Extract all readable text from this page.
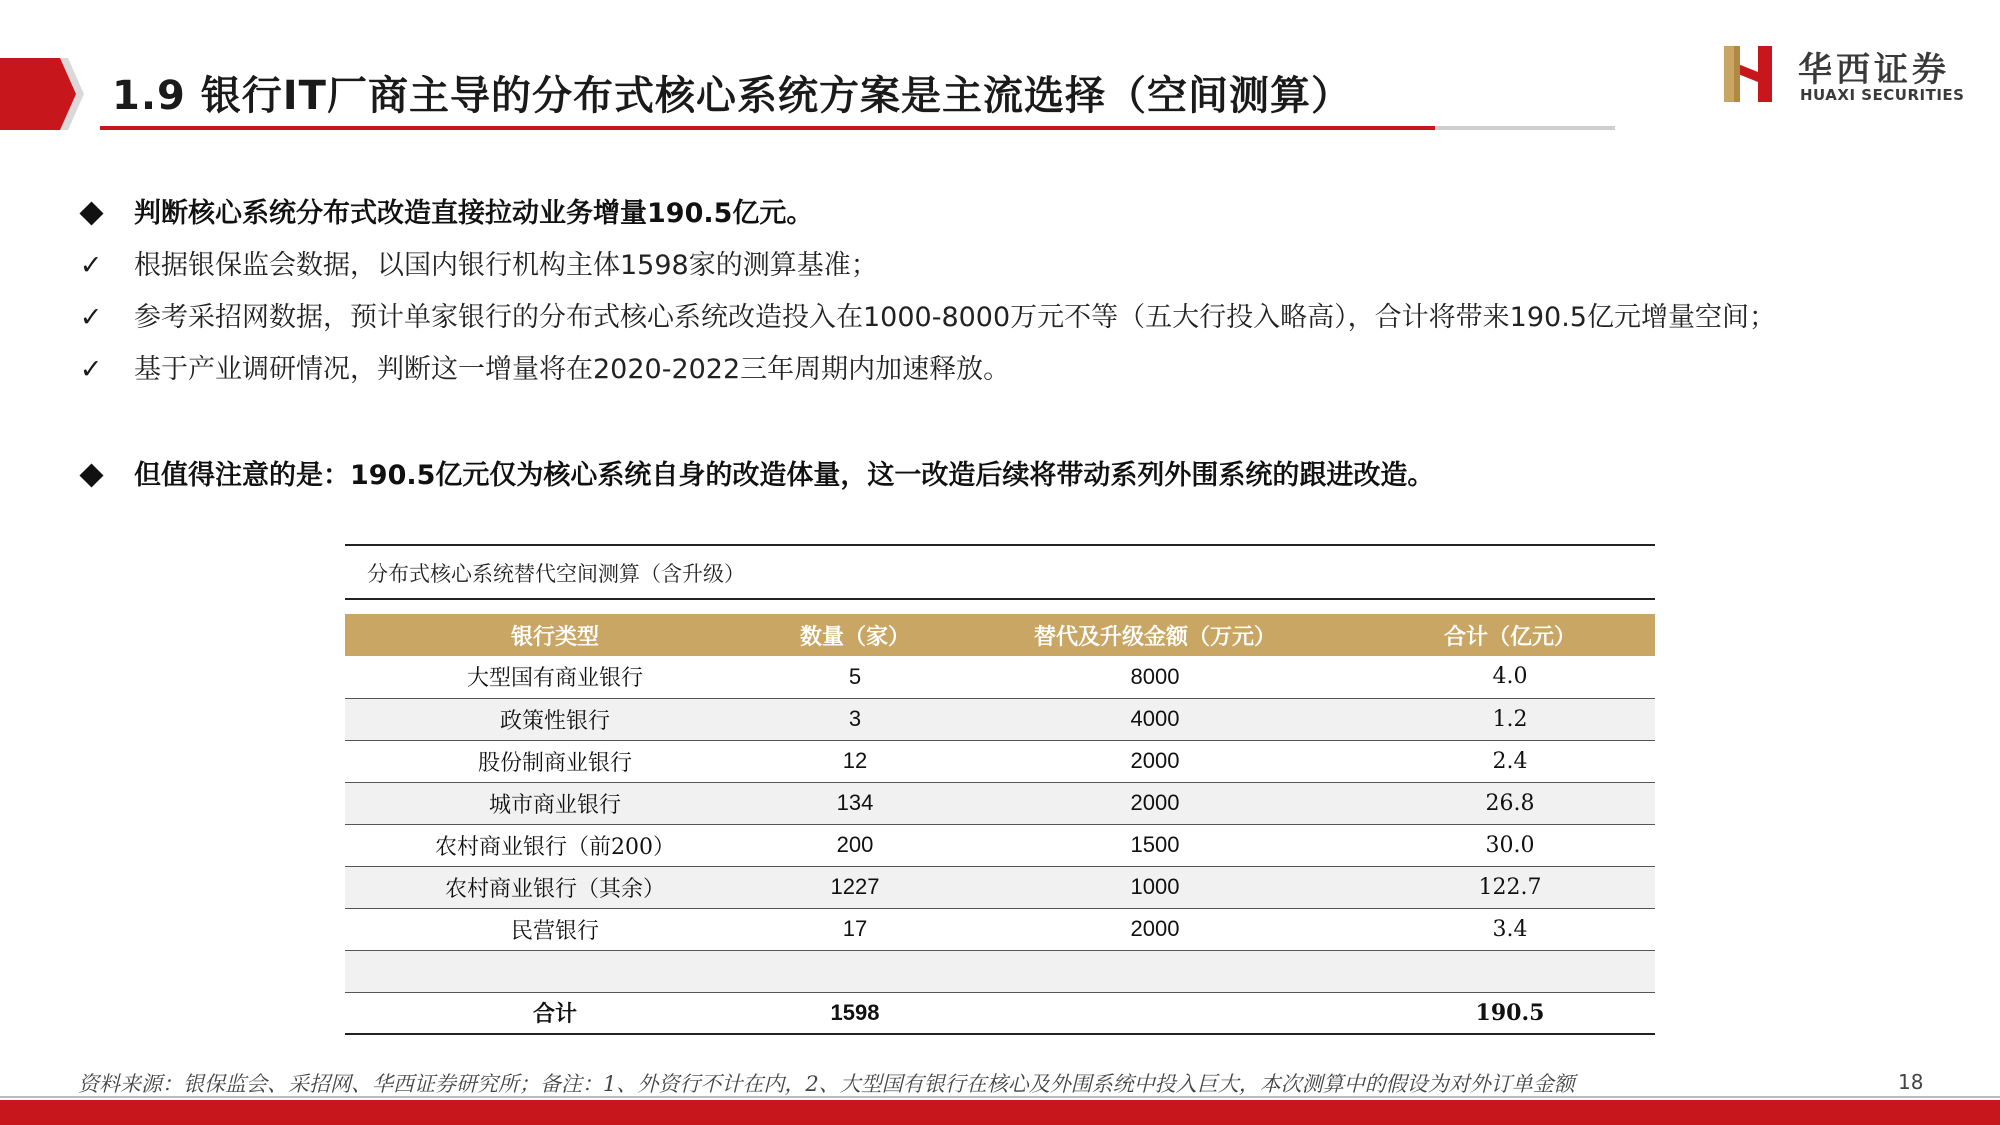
1.9 银行IT厂商主导的分布式核心系统方案是主流选择（空间测算）
华西证券
HUAXI SECURITIES
判断核心系统分布式改造直接拉动业务增量190.5亿元。
✓ 根据银保监会数据，以国内银行机构主体1598家的测算基准；
✓ 参考采招网数据，预计单家银行的分布式核心系统改造投入在1000-8000万元不等（五大行投入略高），合计将带来190.5亿元增量空间；
✓ 基于产业调研情况，判断这一增量将在2020-2022三年周期内加速释放。
但值得注意的是：190.5亿元仅为核心系统自身的改造体量，这一改造后续将带动系列外围系统的跟进改造。
分布式核心系统替代空间测算（含升级）
银行类型	数量（家）	替代及升级金额（万元）	合计（亿元）
大型国有商业银行	5	8000	4.0
政策性银行	3	4000	1.2
股份制商业银行	12	2000	2.4
城市商业银行	134	2000	26.8
农村商业银行（前200）	200	1500	30.0
农村商业银行（其余）	1227	1000	122.7
民营银行	17	2000	3.4

合计	1598		190.5
资料来源：银保监会、采招网、华西证券研究所；备注：1、外资行不计在内，2、大型国有银行在核心及外围系统中投入巨大，本次测算中的假设为对外订单金额	18
